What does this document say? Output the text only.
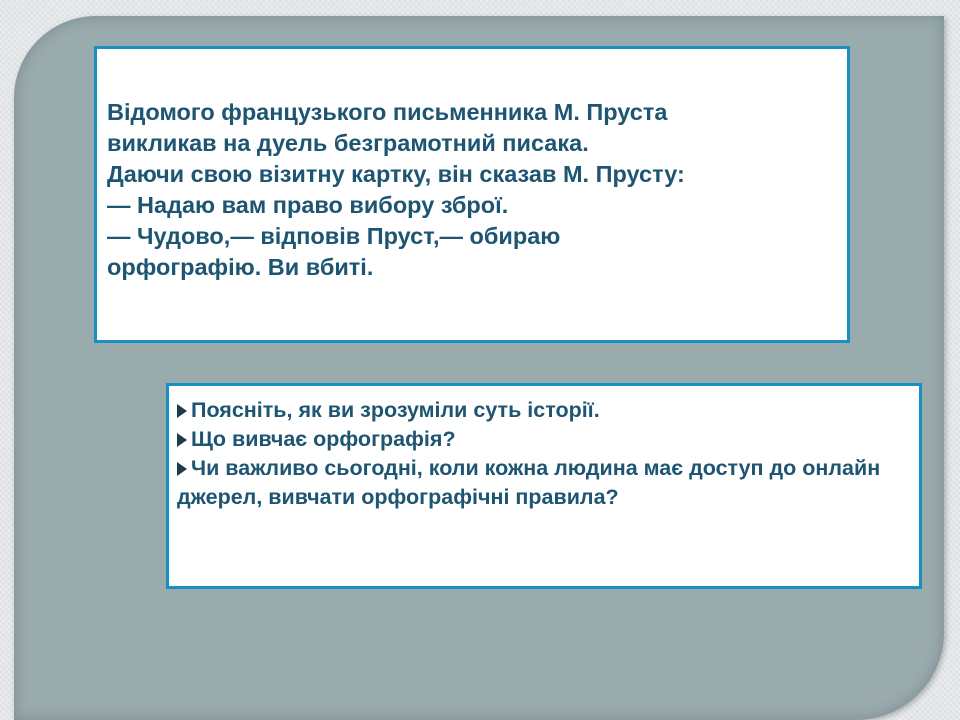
Відомого французького письменника М. Пруста
викликав на дуель безграмотний писака.
Даючи свою візитну картку, він сказав М. Прусту:
— Надаю вам право вибору зброї.
— Чудово,— відповів Пруст,— обираю
орфографію. Ви вбиті.
Поясніть, як ви зрозуміли суть історії.
Що вивчає орфографія?
Чи важливо сьогодні, коли кожна людина має доступ до онлайн джерел, вивчати орфографічні правила?
